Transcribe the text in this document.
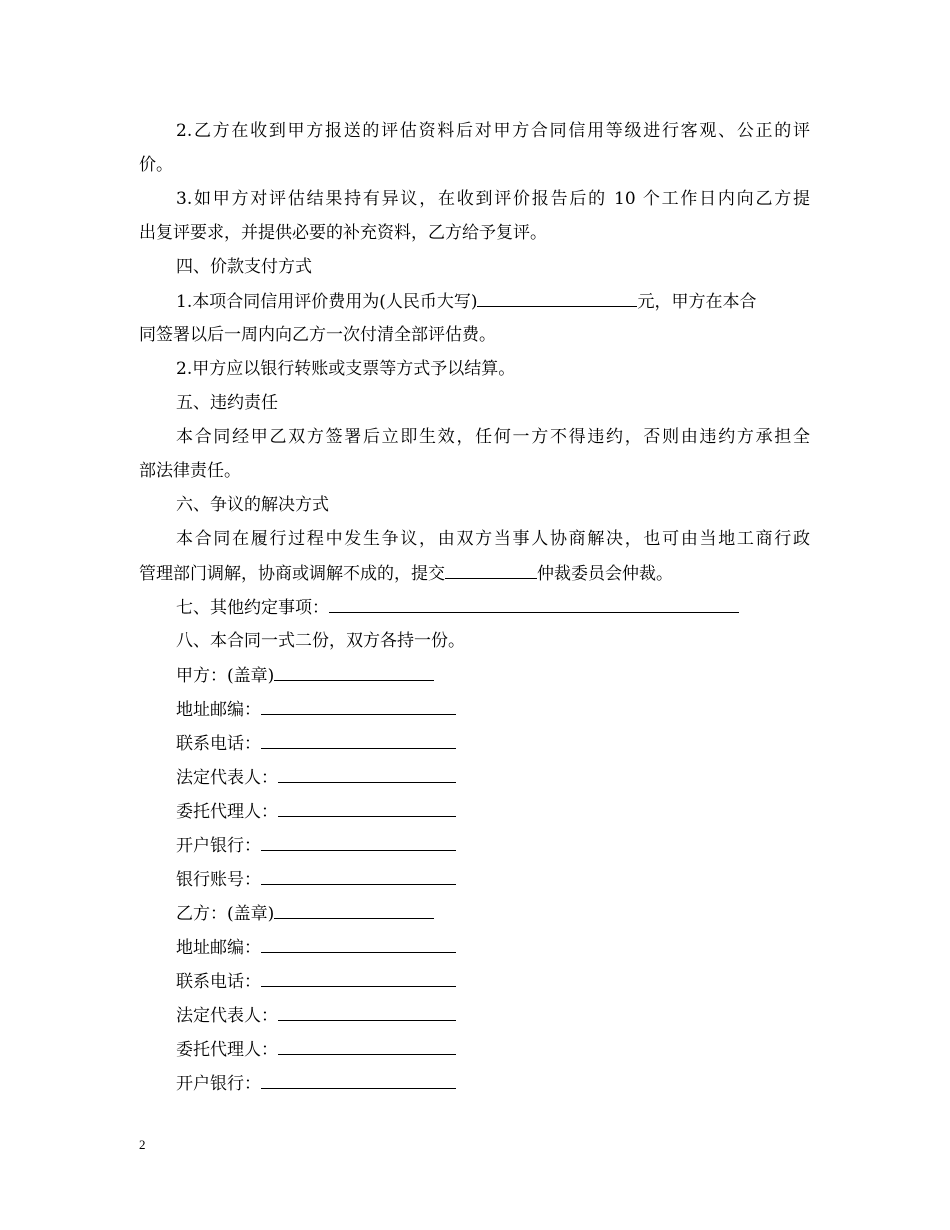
2.乙方在收到甲方报送的评估资料后对甲方合同信用等级进行客观、公正的评
价。
3.如甲方对评估结果持有异议，在收到评价报告后的 10 个工作日内向乙方提
出复评要求，并提供必要的补充资料，乙方给予复评。
四、价款支付方式
1.本项合同信用评价费用为(人民币大写)	元，甲方在本合
同签署以后一周内向乙方一次付清全部评估费。
2.甲方应以银行转账或支票等方式予以结算。
五、违约责任
本合同经甲乙双方签署后立即生效，任何一方不得违约，否则由违约方承担全
部法律责任。
六、争议的解决方式
本合同在履行过程中发生争议，由双方当事人协商解决，也可由当地工商行政
管理部门调解，协商或调解不成的，提交	仲裁委员会仲裁。
七、其他约定事项：
八、本合同一式二份，双方各持一份。
甲方：(盖章)
地址邮编：
联系电话：
法定代表人：
委托代理人：
开户银行：
银行账号：
乙方：(盖章)
地址邮编：
联系电话：
法定代表人：
委托代理人：
开户银行：
2
